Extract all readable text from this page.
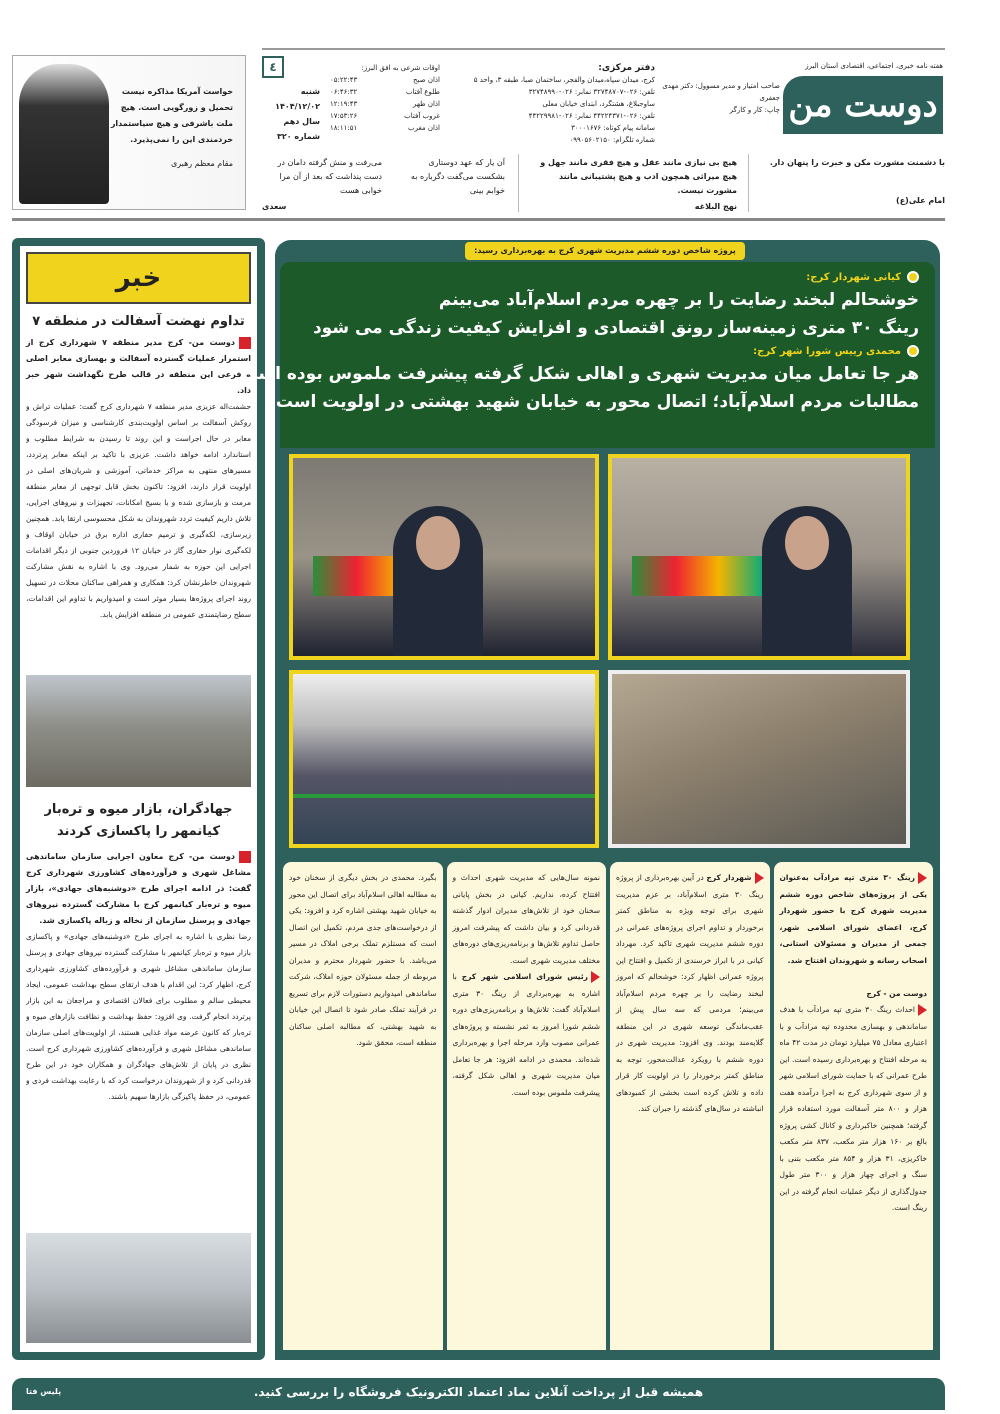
هفته نامه خبری، اجتماعی، اقتصادی استان البرز
دوست من
صاحب امتیاز و مدیر مسوول: دکتر مهدی جعفری
چاپ: کار و کارگر
دفتر مرکزی:
کرج، میدان سپاه،میدان والفجر، ساختمان صبا، طبقه ۳، واحد ۵
تلفن: ۰۲۶-۳۲۷۴۸۷۰۷ نمابر: ۰۲۶-۳۲۷۴۸۹۹۰
ساوجبلاغ، هشتگرد، ابتدای خیابان معلی
تلفن: ۰۲۶-۴۴۲۲۴۳۷۱ نمابر: ۰۲۶-۴۴۲۲۹۹۸۱
سامانه پیام کوتاه: ۳۰۰۰۱۶۷۶
شماره تلگرام: ۰۹۹۰۵۶۰۲۱۵۰
اوقات شرعی به افق البرز:
اذان صبح
۰۵:۲۲:۴۳
طلوع آفتاب
۰۶:۴۶:۳۲
اذان ظهر
۱۲:۱۹:۴۳
غروب آفتاب
۱۷:۵۳:۲۶
اذان مغرب
۱۸:۱۱:۵۱
٤
شنبه
۱۴۰۴/۱۲/۰۲
سال دهم
شماره ۳۲۰
با دشمنت مشورت مکن و خبرت را پنهان دار.
امام علی(ع)
هیچ بی نیازی مانند عقل و هیچ فقری مانند جهل و هیچ میراثی همچون ادب و هیچ پشتیبانی مانند مشورت نیست.
نهج البلاغه
آن یار که عهد دوستاری بشکست می‌گفت دگرباره به خوابم بینی
می‌رفت و منش گرفته دامان در دست پنداشت که بعد از آن مرا خوابی هست
سعدی
خواست آمریکا مذاکره نیست تحمیل و زورگویی است. هیچ ملت باشرفی و هیچ سیاستمدار خردمندی این را نمی‌پذیرد.
مقام معظم رهبری
خبر
تداوم نهضت آسفالت در منطقه ۷
دوست من- کرج مدیر منطقه ۷ شهرداری کرج از استمرار عملیات گسترده آسفالت و بهسازی معابر اصلی و فرعی این منطقه در قالب طرح نگهداشت شهر خبر داد.
حشمت‌اله عزیزی مدیر منطقه ۷ شهرداری کرج گفت: عملیات تراش و روکش آسفالت بر اساس اولویت‌بندی کارشناسی و میزان فرسودگی معابر در حال اجراست و این روند تا رسیدن به شرایط مطلوب و استاندارد ادامه خواهد داشت. عزیزی با تاکید بر اینکه معابر پرتردد، مسیرهای منتهی به مراکز خدماتی، آموزشی و شریان‌های اصلی در اولویت قرار دارند، افزود: تاکنون بخش قابل توجهی از معابر منطقه مرمت و بازسازی شده و با بسیج امکانات، تجهیزات و نیروهای اجرایی، تلاش داریم کیفیت تردد شهروندان به شکل محسوسی ارتقا یابد. همچنین زیرسازی، لکه‌گیری و ترمیم حفاری اداره برق در خیابان اوقاف و لکه‌گیری نوار حفاری گاز در خیابان ۱۲ فروردین جنوبی از دیگر اقدامات اجرایی این حوزه به شمار می‌رود. وی با اشاره به نقش مشارکت شهروندان خاطرنشان کرد: همکاری و همراهی ساکنان محلات در تسهیل روند اجرای پروژه‌ها بسیار موثر است و امیدواریم با تداوم این اقدامات، سطح رضایتمندی عمومی در منطقه افزایش یابد.
جهادگران، بازار میوه و تره‌بار کیانمهر را پاکسازی کردند
دوست من- کرج معاون اجرایی سازمان ساماندهی مشاغل شهری و فرآورده‌های کشاورزی شهرداری کرج گفت: در ادامه اجرای طرح «دوشنبه‌های جهادی»، بازار میوه و تره‌بار کیانمهر کرج با مشارکت گسترده نیروهای جهادی و پرسنل سازمان از نخاله و زباله پاکسازی شد.
رضا نظری با اشاره به اجرای طرح «دوشنبه‌های جهادی» و پاکسازی بازار میوه و تره‌بار کیانمهر با مشارکت گسترده نیروهای جهادی و پرسنل سازمان ساماندهی مشاغل شهری و فرآورده‌های کشاورزی شهرداری کرج، اظهار کرد: این اقدام با هدف ارتقای سطح بهداشت عمومی، ایجاد محیطی سالم و مطلوب برای فعالان اقتصادی و مراجعان به این بازار پرتردد انجام گرفت. وی افزود: حفظ بهداشت و نظافت بازارهای میوه و تره‌بار که کانون عرضه مواد غذایی هستند، از اولویت‌های اصلی سازمان ساماندهی مشاغل شهری و فرآورده‌های کشاورزی شهرداری کرج است. نظری در پایان از تلاش‌های جهادگران و همکاران خود در این طرح قدردانی کرد و از شهروندان درخواست کرد که با رعایت بهداشت فردی و عمومی، در حفظ پاکیزگی بازارها سهیم باشند.
پروژه شاخص دوره ششم مدیریت شهری کرج به بهره‌برداری رسید:
کیانی شهردار کرج:
خوشحالم لبخند رضایت را بر چهره مردم اسلام‌آباد می‌بینم
رینگ ۳۰ متری زمینه‌ساز رونق اقتصادی و افزایش کیفیت زندگی می شود
محمدی رییس شورا شهر کرج:
هر جا تعامل میان مدیریت شهری و اهالی شکل گرفته پیشرفت ملموس بوده است
مطالبات مردم اسلام‌آباد؛ اتصال محور به خیابان شهید بهشتی در اولویت است
رینگ ۳۰ متری تپه مرادآب به‌عنوان یکی از پروژه‌های شاخص دوره ششم مدیریت شهری کرج با حضور شهردار کرج، اعضای شورای اسلامی شهر، جمعی از مدیران و مسئولان استانی، اصحاب رسانه و شهروندان افتتاح شد.

دوست من - کرج
احداث رینگ ۳۰ متری تپه مرادآب با هدف ساماندهی و بهسازی محدوده تپه مرادآب و با اعتباری معادل ۷۵ میلیارد تومان در مدت ۴۲ ماه به مرحله افتتاح و بهره‌برداری رسیده است. این طرح عمرانی که با حمایت شورای اسلامی شهر و از سوی شهرداری کرج به اجرا درآمده هفت هزار و ۸۰۰ متر آسفالت مورد استفاده قرار گرفته؛ همچنین خاکبرداری و کانال کشی پروژه بالغ بر ۱۶۰ هزار متر مکعب، ۸۳۷ متر مکعب خاکریزی، ۳۱ هزار و ۸۵۴ متر مکعب بتنی با سنگ و اجرای چهار هزار و ۳۰۰ متر طول جدول‌گذاری از دیگر عملیات انجام گرفته در این رینگ است.
شهردار کرج در آیین بهره‌برداری از پروژه رینگ ۳۰ متری اسلام‌آباد، بر عزم مدیریت شهری برای توجه ویژه به مناطق کمتر برخوردار و تداوم اجرای پروژه‌های عمرانی در دوره ششم مدیریت شهری تاکید کرد. مهرداد کیانی در با ابراز خرسندی از تکمیل و افتتاح این پروژه عمرانی اظهار کرد: خوشحالم که امروز لبخند رضایت را بر چهره مردم اسلام‌آباد می‌بینم؛ مردمی که سه سال پیش از عقب‌ماندگی توسعه شهری در این منطقه گلایه‌مند بودند. وی افزود: مدیریت شهری در دوره ششم با رویکرد عدالت‌محور، توجه به مناطق کمتر برخوردار را در اولویت کار قرار داده و تلاش کرده است بخشی از کمبودهای انباشته در سال‌های گذشته را جبران کند.
نمونه سال‌هایی که مدیریت شهری احداث و افتتاح کرده، نداریم. کیانی در بخش پایانی سخنان خود از تلاش‌های مدیران ادوار گذشته قدردانی کرد و بیان داشت که پیشرفت امروز حاصل تداوم تلاش‌ها و برنامه‌ریزی‌های دوره‌های مختلف مدیریت شهری است.
رئیس شورای اسلامی شهر کرج با اشاره به بهره‌برداری از رینگ ۳۰ متری اسلام‌آباد گفت: تلاش‌ها و برنامه‌ریزی‌های دوره ششم شورا امروز به ثمر نشسته و پروژه‌های عمرانی مصوب وارد مرحله اجرا و بهره‌برداری شده‌اند. محمدی در ادامه افزود: هر جا تعامل میان مدیریت شهری و اهالی شکل گرفته، پیشرفت ملموس بوده است.
بگیرد. محمدی در بخش دیگری از سخنان خود به مطالبه اهالی اسلام‌آباد برای اتصال این محور به خیابان شهید بهشتی اشاره کرد و افزود: یکی از درخواست‌های جدی مردم، تکمیل این اتصال است که مستلزم تملک برخی املاک در مسیر می‌باشد. با حضور شهردار محترم و مدیران مربوطه از جمله مسئولان حوزه املاک، شرکت ساماندهی امیدواریم دستورات لازم برای تسریع در فرآیند تملک صادر شود تا اتصال این خیابان به شهید بهشتی، که مطالبه اصلی ساکنان منطقه است، محقق شود.
همیشه قبل از پرداخت آنلاین نماد اعتماد الکترونیک فروشگاه را بررسی کنید.
پلیس فتا
